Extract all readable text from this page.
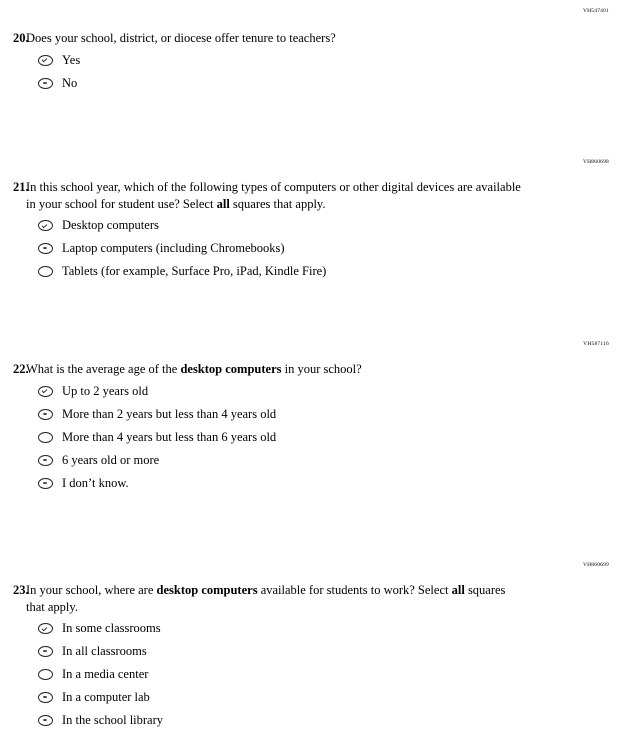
VH547401
20.
Does your school, district, or diocese offer tenure to teachers?
Yes
No
VH860698
21.
In this school year, which of the following types of computers or other digital devices are available in your school for student use? Select all squares that apply.
Desktop computers
Laptop computers (including Chromebooks)
Tablets (for example, Surface Pro, iPad, Kindle Fire)
VH587116
22.
What is the average age of the desktop computers in your school?
Up to 2 years old
More than 2 years but less than 4 years old
More than 4 years but less than 6 years old
6 years old or more
I don’t know.
VH860699
23.
In your school, where are desktop computers available for students to work? Select all squares that apply.
In some classrooms
In all classrooms
In a media center
In a computer lab
In the school library
